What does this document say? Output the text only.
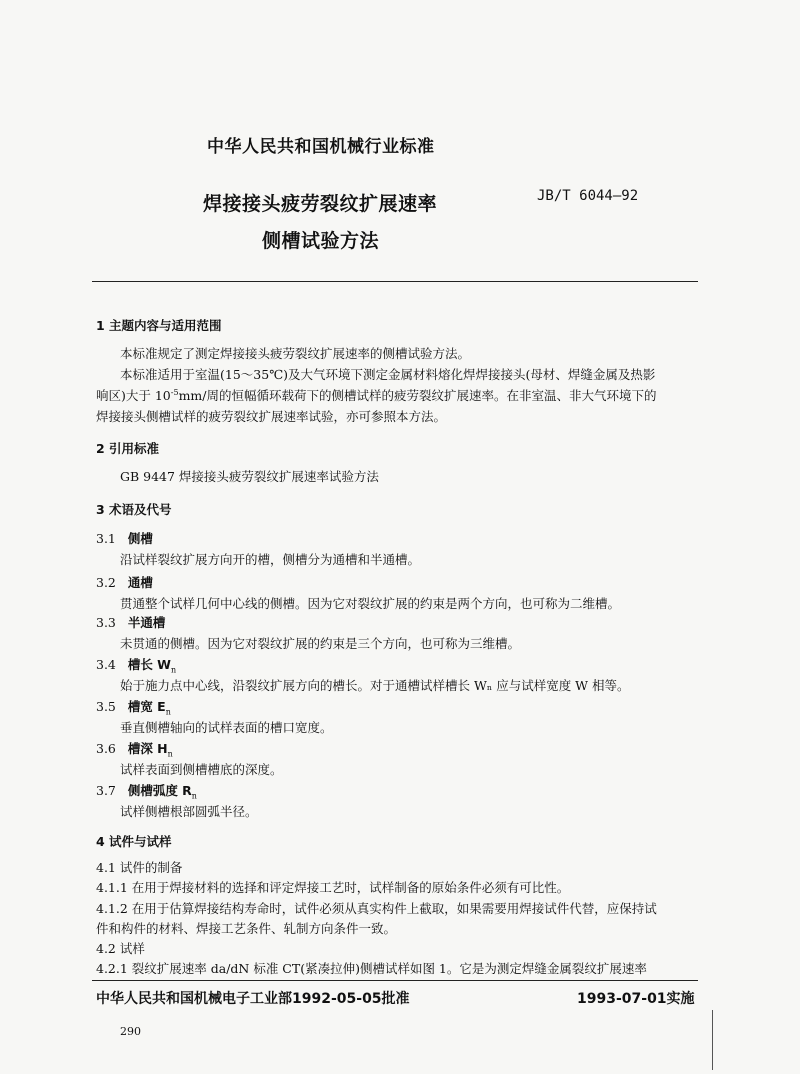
中华人民共和国机械行业标准
焊接接头疲劳裂纹扩展速率
侧槽试验方法
JB/T 6044—92
1 主题内容与适用范围
本标准规定了测定焊接接头疲劳裂纹扩展速率的侧槽试验方法。
本标准适用于室温(15～35℃)及大气环境下测定金属材料熔化焊焊接接头(母材、焊缝金属及热影
响区)大于 $10^{-5}mm/$周的恒幅循环载荷下的侧槽试样的疲劳裂纹扩展速率。在非室温、非大气环境下的
焊接接头侧槽试样的疲劳裂纹扩展速率试验，亦可参照本方法。
2 引用标准
GB 9447 焊接接头疲劳裂纹扩展速率试验方法
3 术语及代号
3.1 侧槽
沿试样裂纹扩展方向开的槽，侧槽分为通槽和半通槽。
3.2 通槽
贯通整个试样几何中心线的侧槽。因为它对裂纹扩展的约束是两个方向，也可称为二维槽。
3.3 半通槽
未贯通的侧槽。因为它对裂纹扩展的约束是三个方向，也可称为三维槽。
3.4 槽长 $W_n$
始于施力点中心线，沿裂纹扩展方向的槽长。对于通槽试样槽长 Wₙ 应与试样宽度 W 相等。
3.5 槽宽 $E_n$
垂直侧槽轴向的试样表面的槽口宽度。
3.6 槽深 $H_n$
试样表面到侧槽槽底的深度。
3.7 侧槽弧度 $R_n$
试样侧槽根部圆弧半径。
4 试件与试样
4.1 试件的制备
4.1.1 在用于焊接材料的选择和评定焊接工艺时，试样制备的原始条件必须有可比性。
4.1.2 在用于估算焊接结构寿命时，试件必须从真实构件上截取，如果需要用焊接试件代替，应保持试
件和构件的材料、焊接工艺条件、轧制方向条件一致。
4.2 试样
4.2.1 裂纹扩展速率 da/dN 标准 CT(紧凑拉伸)侧槽试样如图 1。它是为测定焊缝金属裂纹扩展速率
中华人民共和国机械电子工业部1992-05-05批准	1993-07-01实施
290
